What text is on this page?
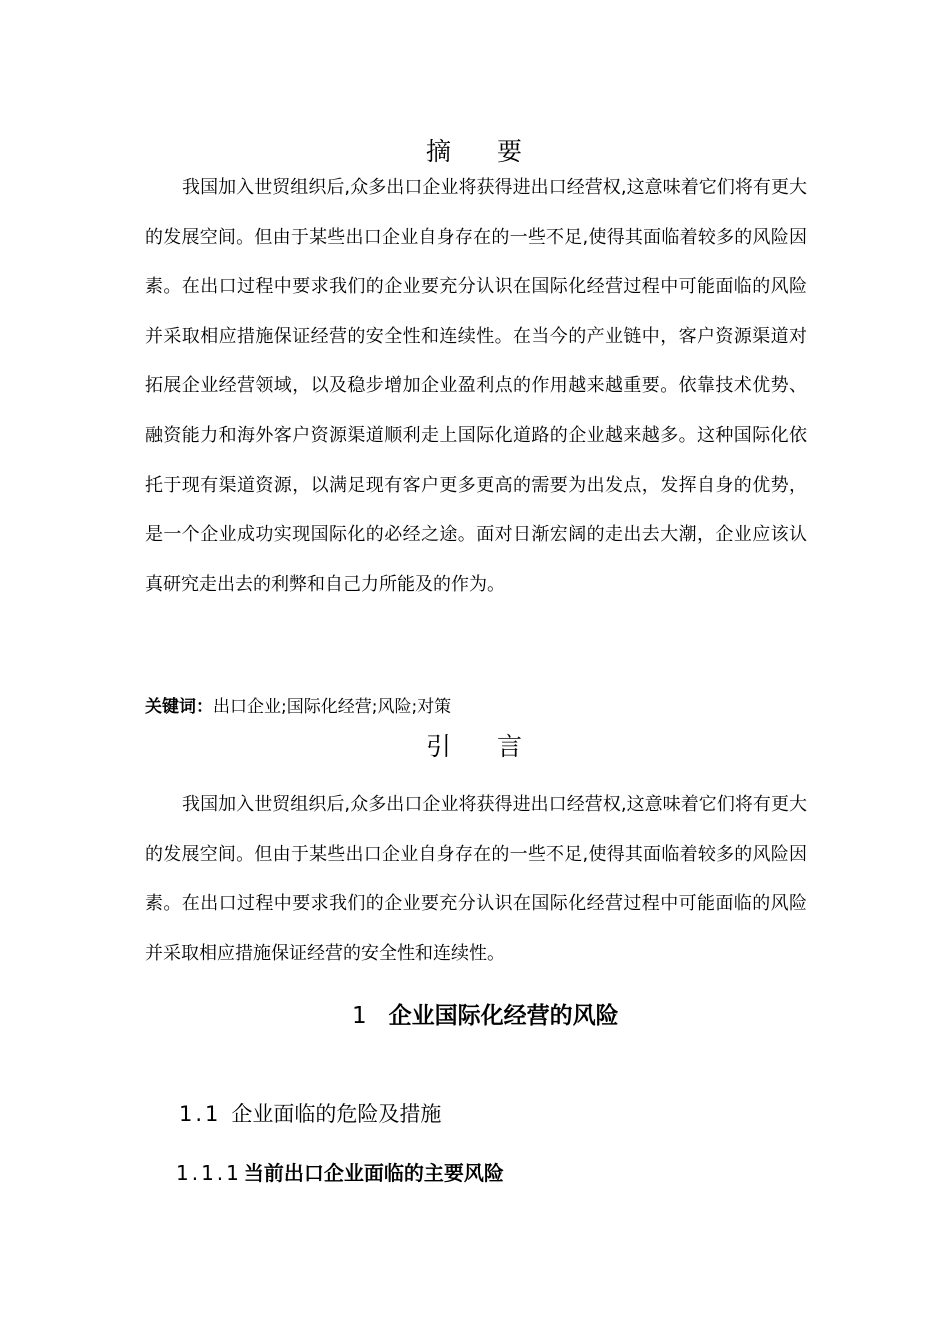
摘 要

我国加入世贸组织后,众多出口企业将获得进出口经营权,这意味着它们将有更大的发展空间。但由于某些出口企业自身存在的一些不足,使得其面临着较多的风险因素。在出口过程中要求我们的企业要充分认识在国际化经营过程中可能面临的风险并采取相应措施保证经营的安全性和连续性。在当今的产业链中，客户资源渠道对拓展企业经营领域，以及稳步增加企业盈利点的作用越来越重要。依靠技术优势、融资能力和海外客户资源渠道顺利走上国际化道路的企业越来越多。这种国际化依托于现有渠道资源，以满足现有客户更多更高的需要为出发点，发挥自身的优势，是一个企业成功实现国际化的必经之途。面对日渐宏阔的走出去大潮，企业应该认真研究走出去的利弊和自己力所能及的作为。

关键词：出口企业;国际化经营;风险;对策
引 言

我国加入世贸组织后,众多出口企业将获得进出口经营权,这意味着它们将有更大的发展空间。但由于某些出口企业自身存在的一些不足,使得其面临着较多的风险因素。在出口过程中要求我们的企业要充分认识在国际化经营过程中可能面临的风险并采取相应措施保证经营的安全性和连续性。

1 企业国际化经营的风险
1.1 企业面临的危险及措施
1.1.1 当前出口企业面临的主要风险
